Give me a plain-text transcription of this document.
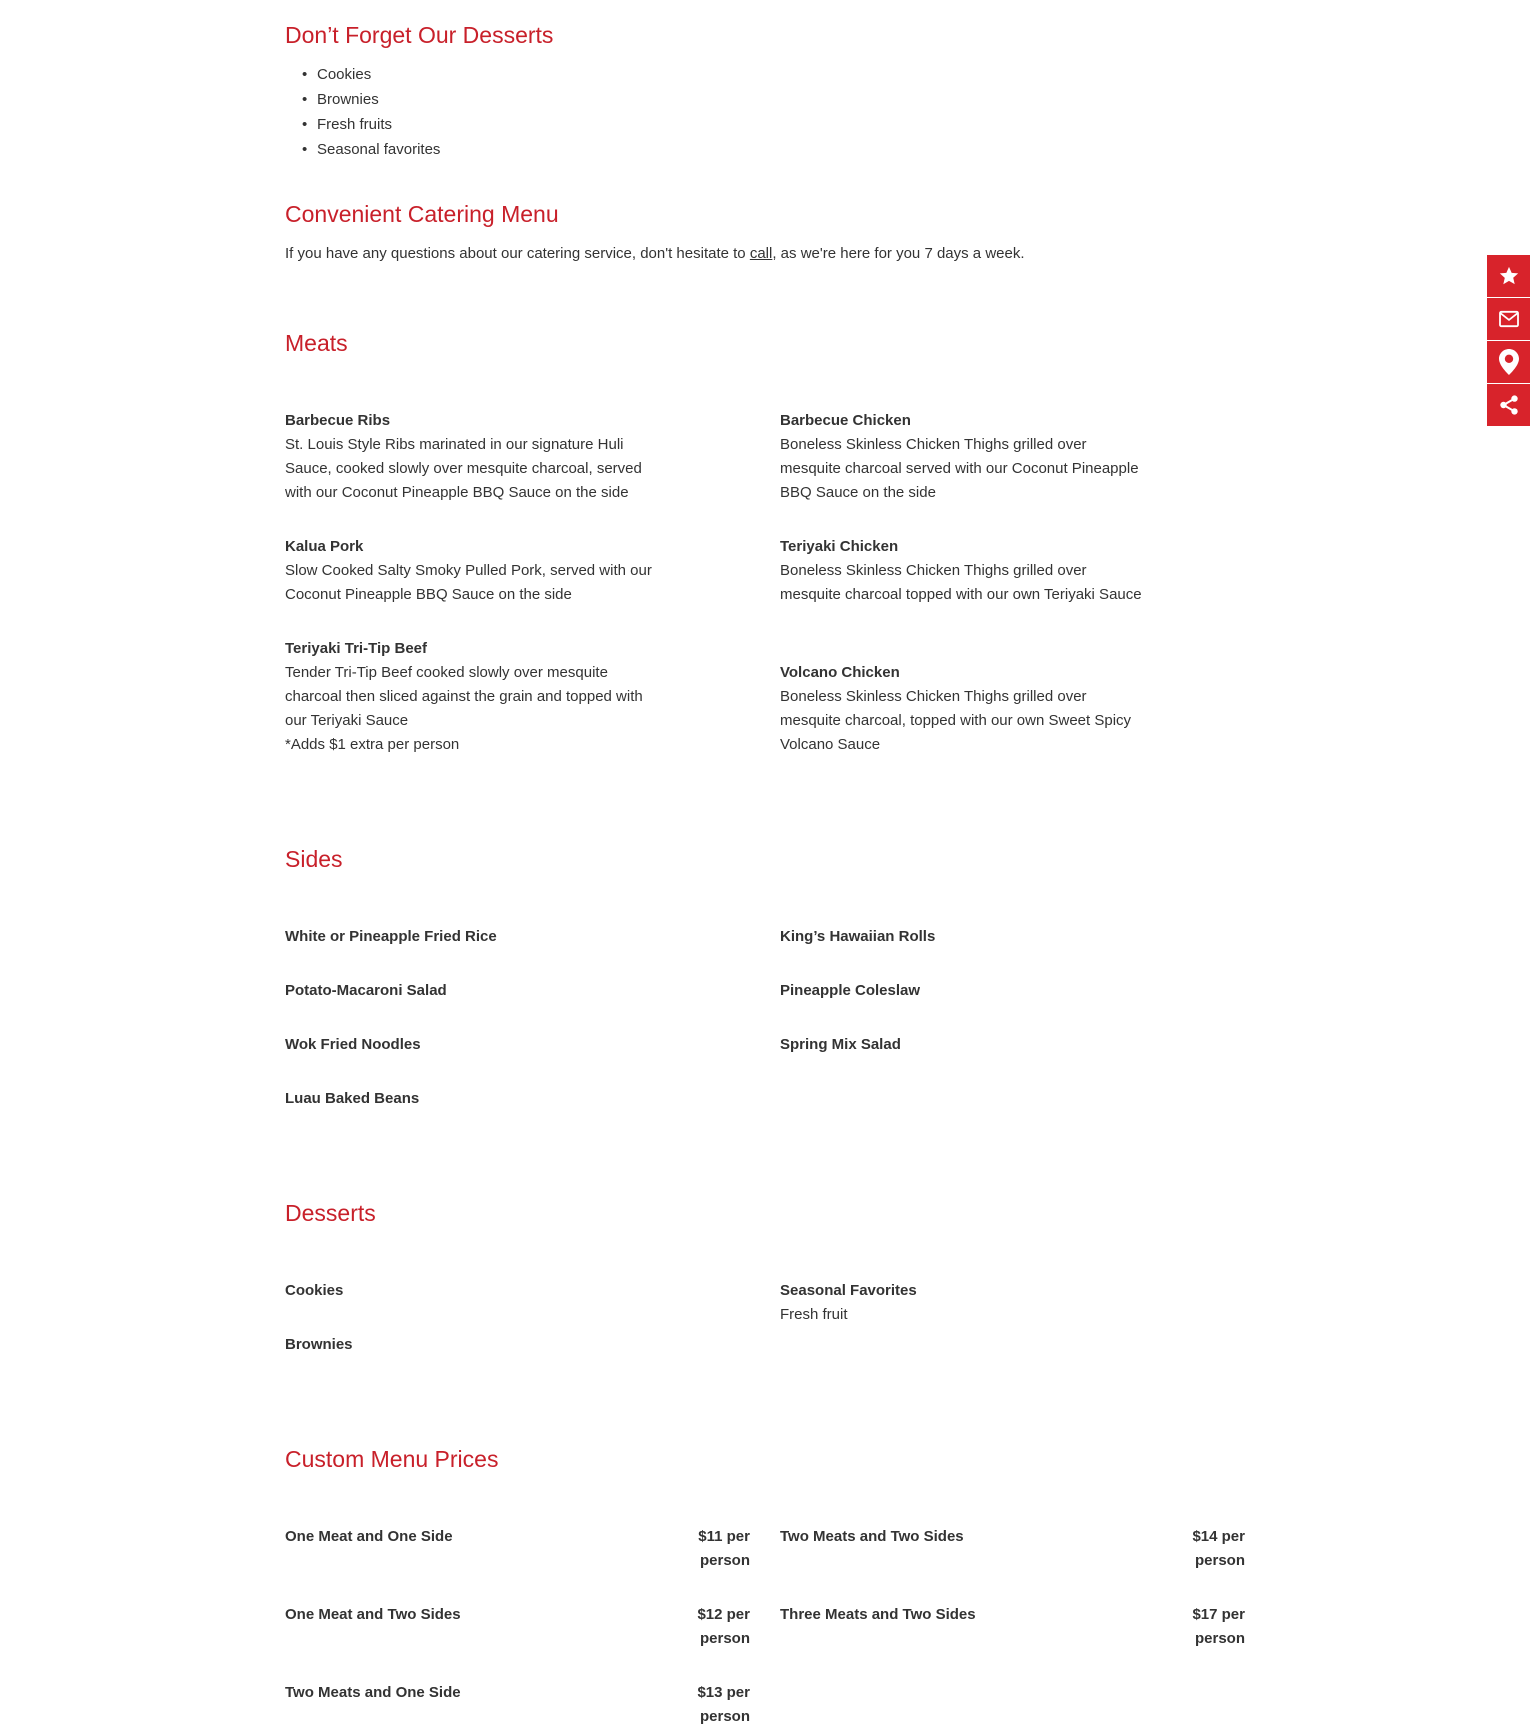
Don’t Forget Our Desserts
• Cookies
• Brownies
• Fresh fruits
• Seasonal favorites
Convenient Catering Menu

If you have any questions about our catering service, don't hesitate to call, as we're here for you 7 days a week.

Meats
Barbecue Ribs
St. Louis Style Ribs marinated in our signature Huli Sauce, cooked slowly over mesquite charcoal, served with our Coconut Pineapple BBQ Sauce on the side
Barbecue Chicken
Boneless Skinless Chicken Thighs grilled over mesquite charcoal served with our Coconut Pineapple BBQ Sauce on the side
Kalua Pork
Slow Cooked Salty Smoky Pulled Pork, served with our Coconut Pineapple BBQ Sauce on the side
Teriyaki Chicken
Boneless Skinless Chicken Thighs grilled over mesquite charcoal topped with our own Teriyaki Sauce
Teriyaki Tri-Tip Beef
Tender Tri-Tip Beef cooked slowly over mesquite charcoal then sliced against the grain and topped with our Teriyaki Sauce
*Adds $1 extra per person
Volcano Chicken
Boneless Skinless Chicken Thighs grilled over mesquite charcoal, topped with our own Sweet Spicy Volcano Sauce
Sides
White or Pineapple Fried Rice	King’s Hawaiian Rolls
Potato-Macaroni Salad	Pineapple Coleslaw
Wok Fried Noodles	Spring Mix Salad
Luau Baked Beans
Desserts
Cookies	Seasonal Favorites
Fresh fruit
Brownies
Custom Menu Prices
One Meat and One Side	$11 per person
Two Meats and Two Sides	$14 per person
One Meat and Two Sides	$12 per person
Three Meats and Two Sides	$17 per person
Two Meats and One Side	$13 per person
